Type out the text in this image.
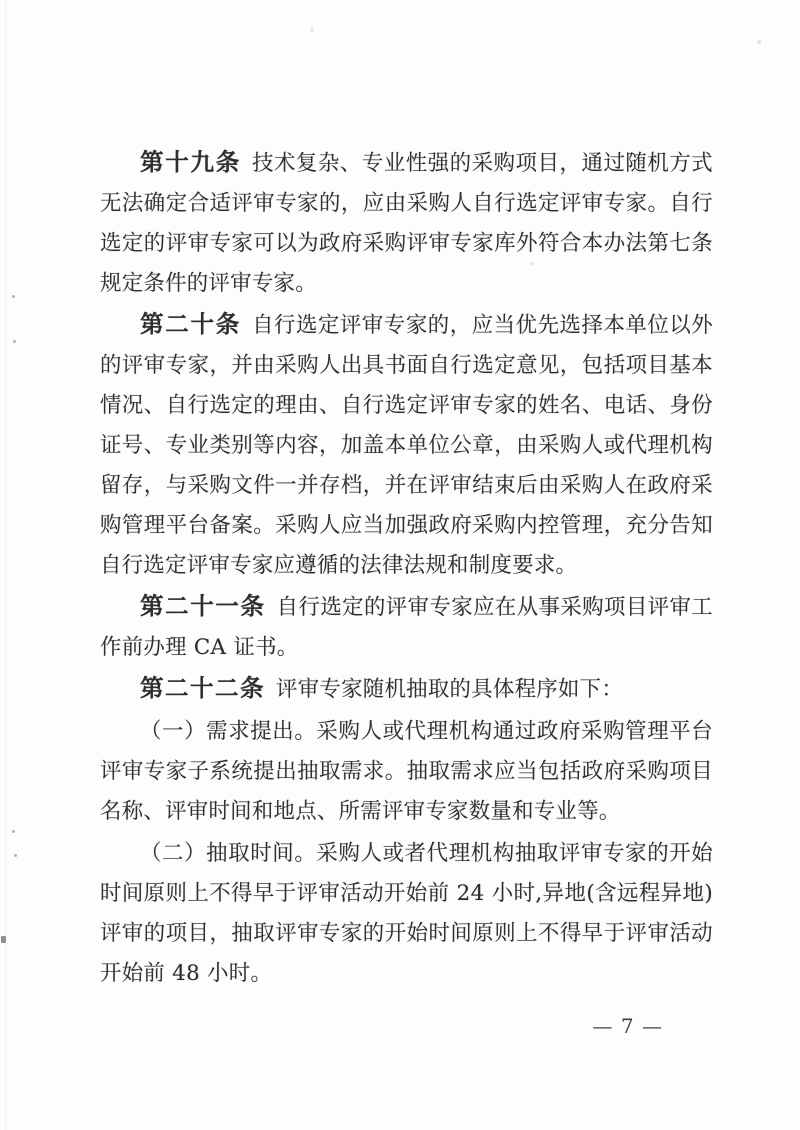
第十九条 技术复杂、专业性强的采购项目，通过随机方式无法确定合适评审专家的，应由采购人自行选定评审专家。自行选定的评审专家可以为政府采购评审专家库外符合本办法第七条规定条件的评审专家。

第二十条 自行选定评审专家的，应当优先选择本单位以外的评审专家，并由采购人出具书面自行选定意见，包括项目基本情况、自行选定的理由、自行选定评审专家的姓名、电话、身份证号、专业类别等内容，加盖本单位公章，由采购人或代理机构留存，与采购文件一并存档，并在评审结束后由采购人在政府采购管理平台备案。采购人应当加强政府采购内控管理，充分告知自行选定评审专家应遵循的法律法规和制度要求。

第二十一条 自行选定的评审专家应在从事采购项目评审工作前办理 CA 证书。

第二十二条 评审专家随机抽取的具体程序如下：

（一）需求提出。采购人或代理机构通过政府采购管理平台评审专家子系统提出抽取需求。抽取需求应当包括政府采购项目名称、评审时间和地点、所需评审专家数量和专业等。

（二）抽取时间。采购人或者代理机构抽取评审专家的开始时间原则上不得早于评审活动开始前 24 小时,异地(含远程异地)评审的项目，抽取评审专家的开始时间原则上不得早于评审活动开始前 48 小时。

— 7 —
